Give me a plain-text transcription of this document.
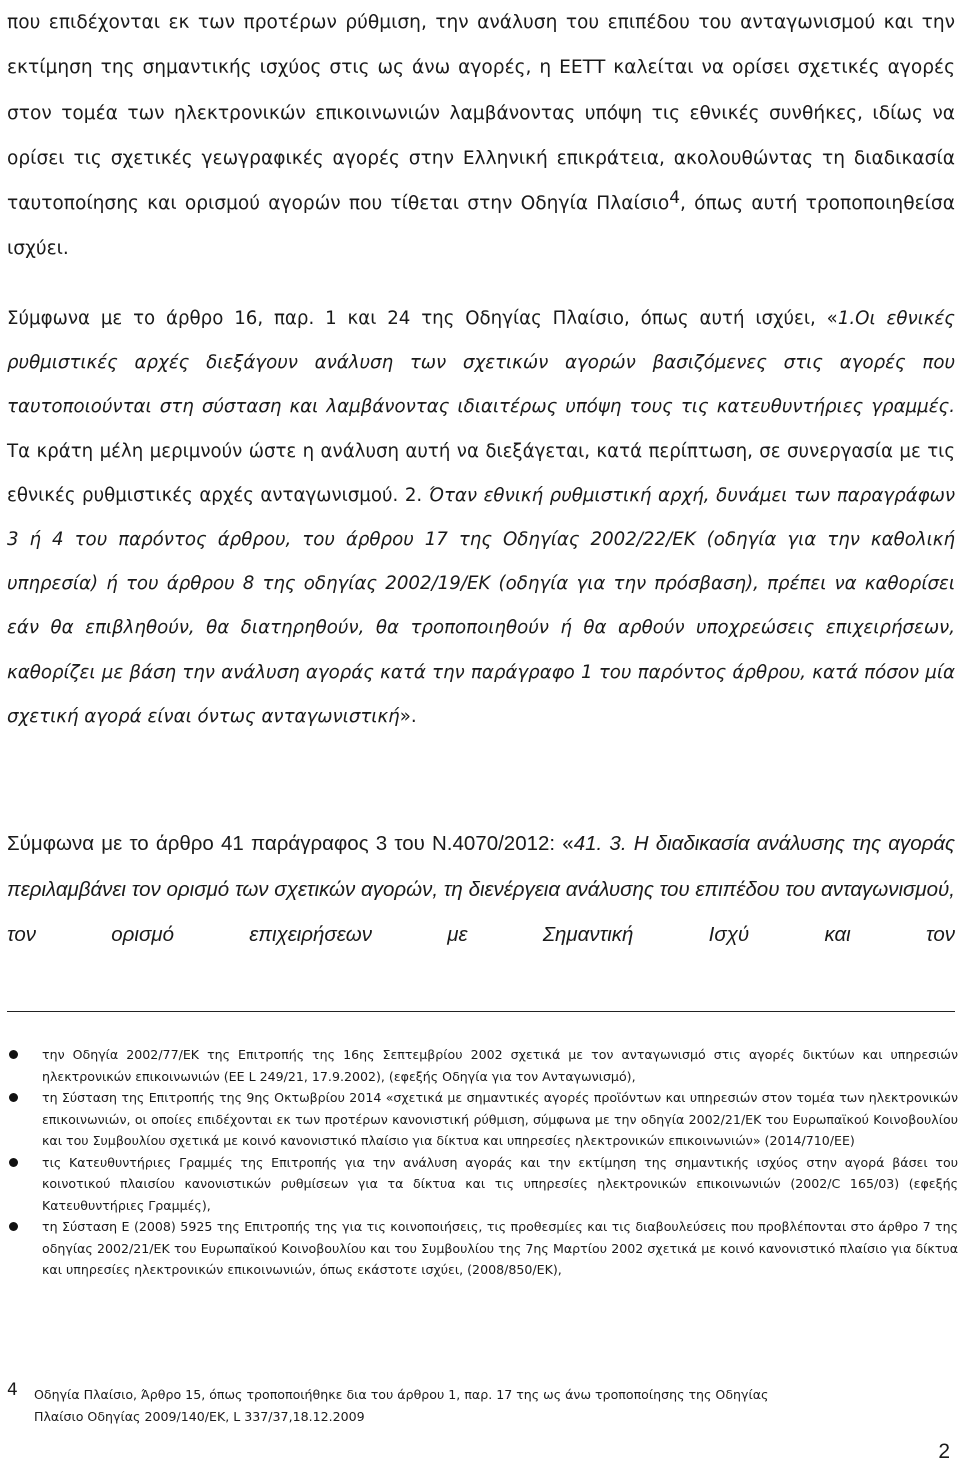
που επιδέχονται εκ των προτέρων ρύθμιση, την ανάλυση του επιπέδου του ανταγωνισμού και την εκτίμηση της σημαντικής ισχύος στις ως άνω αγορές, η ΕΕΤΤ καλείται να ορίσει σχετικές αγορές στον τομέα των ηλεκτρονικών επικοινωνιών λαμβάνοντας υπόψη τις εθνικές συνθήκες, ιδίως να ορίσει τις σχετικές γεωγραφικές αγορές στην Ελληνική επικράτεια, ακολουθώντας τη διαδικασία ταυτοποίησης και ορισμού αγορών που τίθεται στην Οδηγία Πλαίσιο$^4$, όπως αυτή τροποποιηθείσα ισχύει.

Σύμφωνα με το άρθρο 16, παρ. 1 και 24 της Οδηγίας Πλαίσιο, όπως αυτή ισχύει, «1.Οι εθνικές ρυθμιστικές αρχές διεξάγουν ανάλυση των σχετικών αγορών βασιζόμενες στις αγορές που ταυτοποιούνται στη σύσταση και λαμβάνοντας ιδιαιτέρως υπόψη τους τις κατευθυντήριες γραμμές. Τα κράτη μέλη μεριμνούν ώστε η ανάλυση αυτή να διεξάγεται, κατά περίπτωση, σε συνεργασία με τις εθνικές ρυθμιστικές αρχές ανταγωνισμού. 2. Όταν εθνική ρυθμιστική αρχή, δυνάμει των παραγράφων 3 ή 4 του παρόντος άρθρου, του άρθρου 17 της Οδηγίας 2002/22/ΕΚ (οδηγία για την καθολική υπηρεσία) ή του άρθρου 8 της οδηγίας 2002/19/ΕΚ (οδηγία για την πρόσβαση), πρέπει να καθορίσει εάν θα επιβληθούν, θα διατηρηθούν, θα τροποποιηθούν ή θα αρθούν υποχρεώσεις επιχειρήσεων, καθορίζει με βάση την ανάλυση αγοράς κατά την παράγραφο 1 του παρόντος άρθρου, κατά πόσον μία σχετική αγορά είναι όντως ανταγωνιστική».

Σύμφωνα με το άρθρο 41 παράγραφος 3 του Ν.4070/2012: «41. 3. Η διαδικασία ανάλυσης της αγοράς περιλαμβάνει τον ορισμό των σχετικών αγορών, τη διενέργεια ανάλυσης του επιπέδου του ανταγωνισμού, τον ορισμό επιχειρήσεων με Σημαντική Ισχύ και τον

την Οδηγία 2002/77/ΕΚ της Επιτροπής της 16ης Σεπτεμβρίου 2002 σχετικά με τον ανταγωνισμό στις αγορές δικτύων και υπηρεσιών ηλεκτρονικών επικοινωνιών (ΕΕ L 249/21, 17.9.2002), (εφεξής Οδηγία για τον Ανταγωνισμό),
τη Σύσταση της Επιτροπής της 9ης Οκτωβρίου 2014 «σχετικά με σημαντικές αγορές προϊόντων και υπηρεσιών στον τομέα των ηλεκτρονικών επικοινωνιών, οι οποίες επιδέχονται εκ των προτέρων κανονιστική ρύθμιση, σύμφωνα με την οδηγία 2002/21/ΕΚ του Ευρωπαϊκού Κοινοβουλίου και του Συμβουλίου σχετικά με κοινό κανονιστικό πλαίσιο για δίκτυα και υπηρεσίες ηλεκτρονικών επικοινωνιών» (2014/710/ΕΕ)
τις Κατευθυντήριες Γραμμές της Επιτροπής για την ανάλυση αγοράς και την εκτίμηση της σημαντικής ισχύος στην αγορά βάσει του κοινοτικού πλαισίου κανονιστικών ρυθμίσεων για τα δίκτυα και τις υπηρεσίες ηλεκτρονικών επικοινωνιών (2002/C 165/03) (εφεξής Κατευθυντήριες Γραμμές),
τη Σύσταση Ε (2008) 5925 της Επιτροπής της για τις κοινοποιήσεις, τις προθεσμίες και τις διαβουλεύσεις που προβλέπονται στο άρθρο 7 της οδηγίας 2002/21/ΕΚ του Ευρωπαϊκού Κοινοβουλίου και του Συμβουλίου της 7ης Μαρτίου 2002 σχετικά με κοινό κανονιστικό πλαίσιο για δίκτυα και υπηρεσίες ηλεκτρονικών επικοινωνιών, όπως εκάστοτε ισχύει, (2008/850/ΕΚ),
4	Οδηγία Πλαίσιο, Άρθρο 15, όπως τροποποιήθηκε δια του άρθρου 1, παρ. 17 της ως άνω τροποποίησης της Οδηγίας
Πλαίσιο Οδηγίας 2009/140/ΕΚ, L 337/37,18.12.2009
2
